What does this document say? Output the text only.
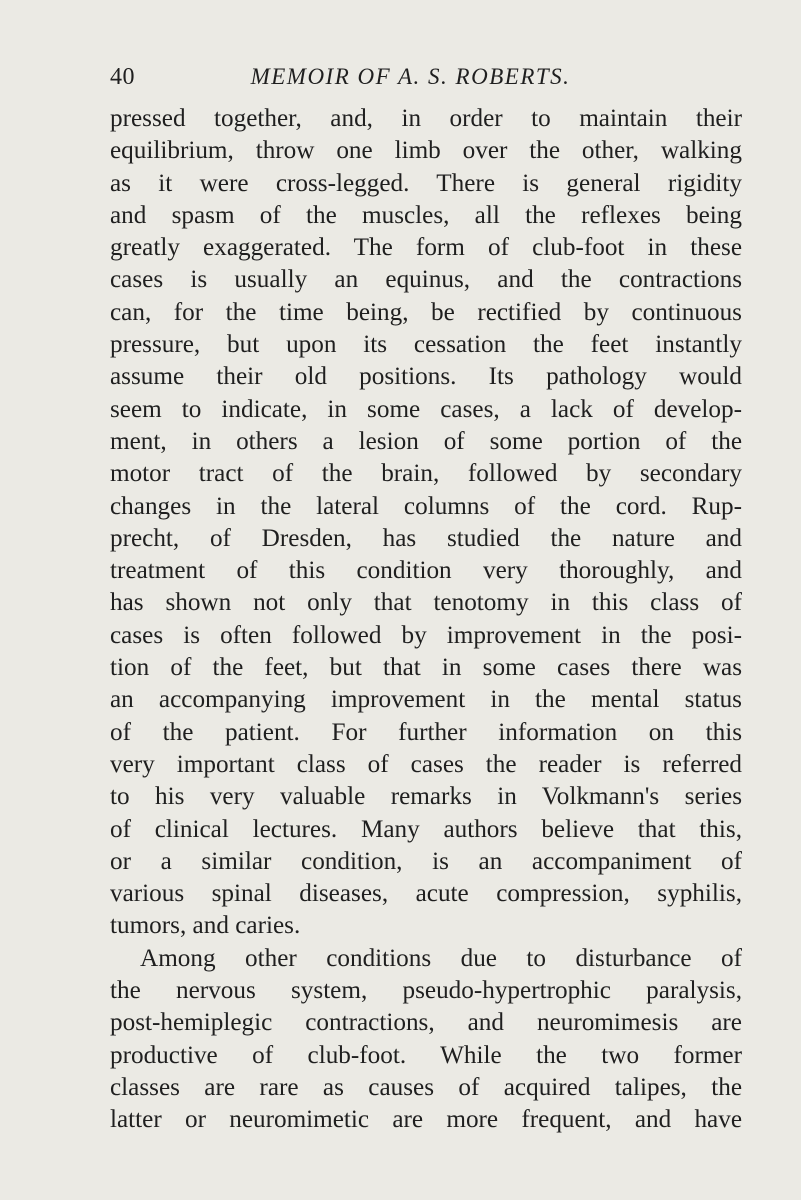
40	MEMOIR OF A. S. ROBERTS.
pressed together, and, in order to maintain their
equilibrium, throw one limb over the other, walking
as it were cross-legged. There is general rigidity
and spasm of the muscles, all the reflexes being
greatly exaggerated. The form of club-foot in these
cases is usually an equinus, and the contractions
can, for the time being, be rectified by continuous
pressure, but upon its cessation the feet instantly
assume their old positions. Its pathology would
seem to indicate, in some cases, a lack of develop-
ment, in others a lesion of some portion of the
motor tract of the brain, followed by secondary
changes in the lateral columns of the cord. Rup-
precht, of Dresden, has studied the nature and
treatment of this condition very thoroughly, and
has shown not only that tenotomy in this class of
cases is often followed by improvement in the posi-
tion of the feet, but that in some cases there was
an accompanying improvement in the mental status
of the patient. For further information on this
very important class of cases the reader is referred
to his very valuable remarks in Volkmann's series
of clinical lectures. Many authors believe that this,
or a similar condition, is an accompaniment of
various spinal diseases, acute compression, syphilis,
tumors, and caries.
Among other conditions due to disturbance of
the nervous system, pseudo-hypertrophic paralysis,
post-hemiplegic contractions, and neuromimesis are
productive of club-foot. While the two former
classes are rare as causes of acquired talipes, the
latter or neuromimetic are more frequent, and have
